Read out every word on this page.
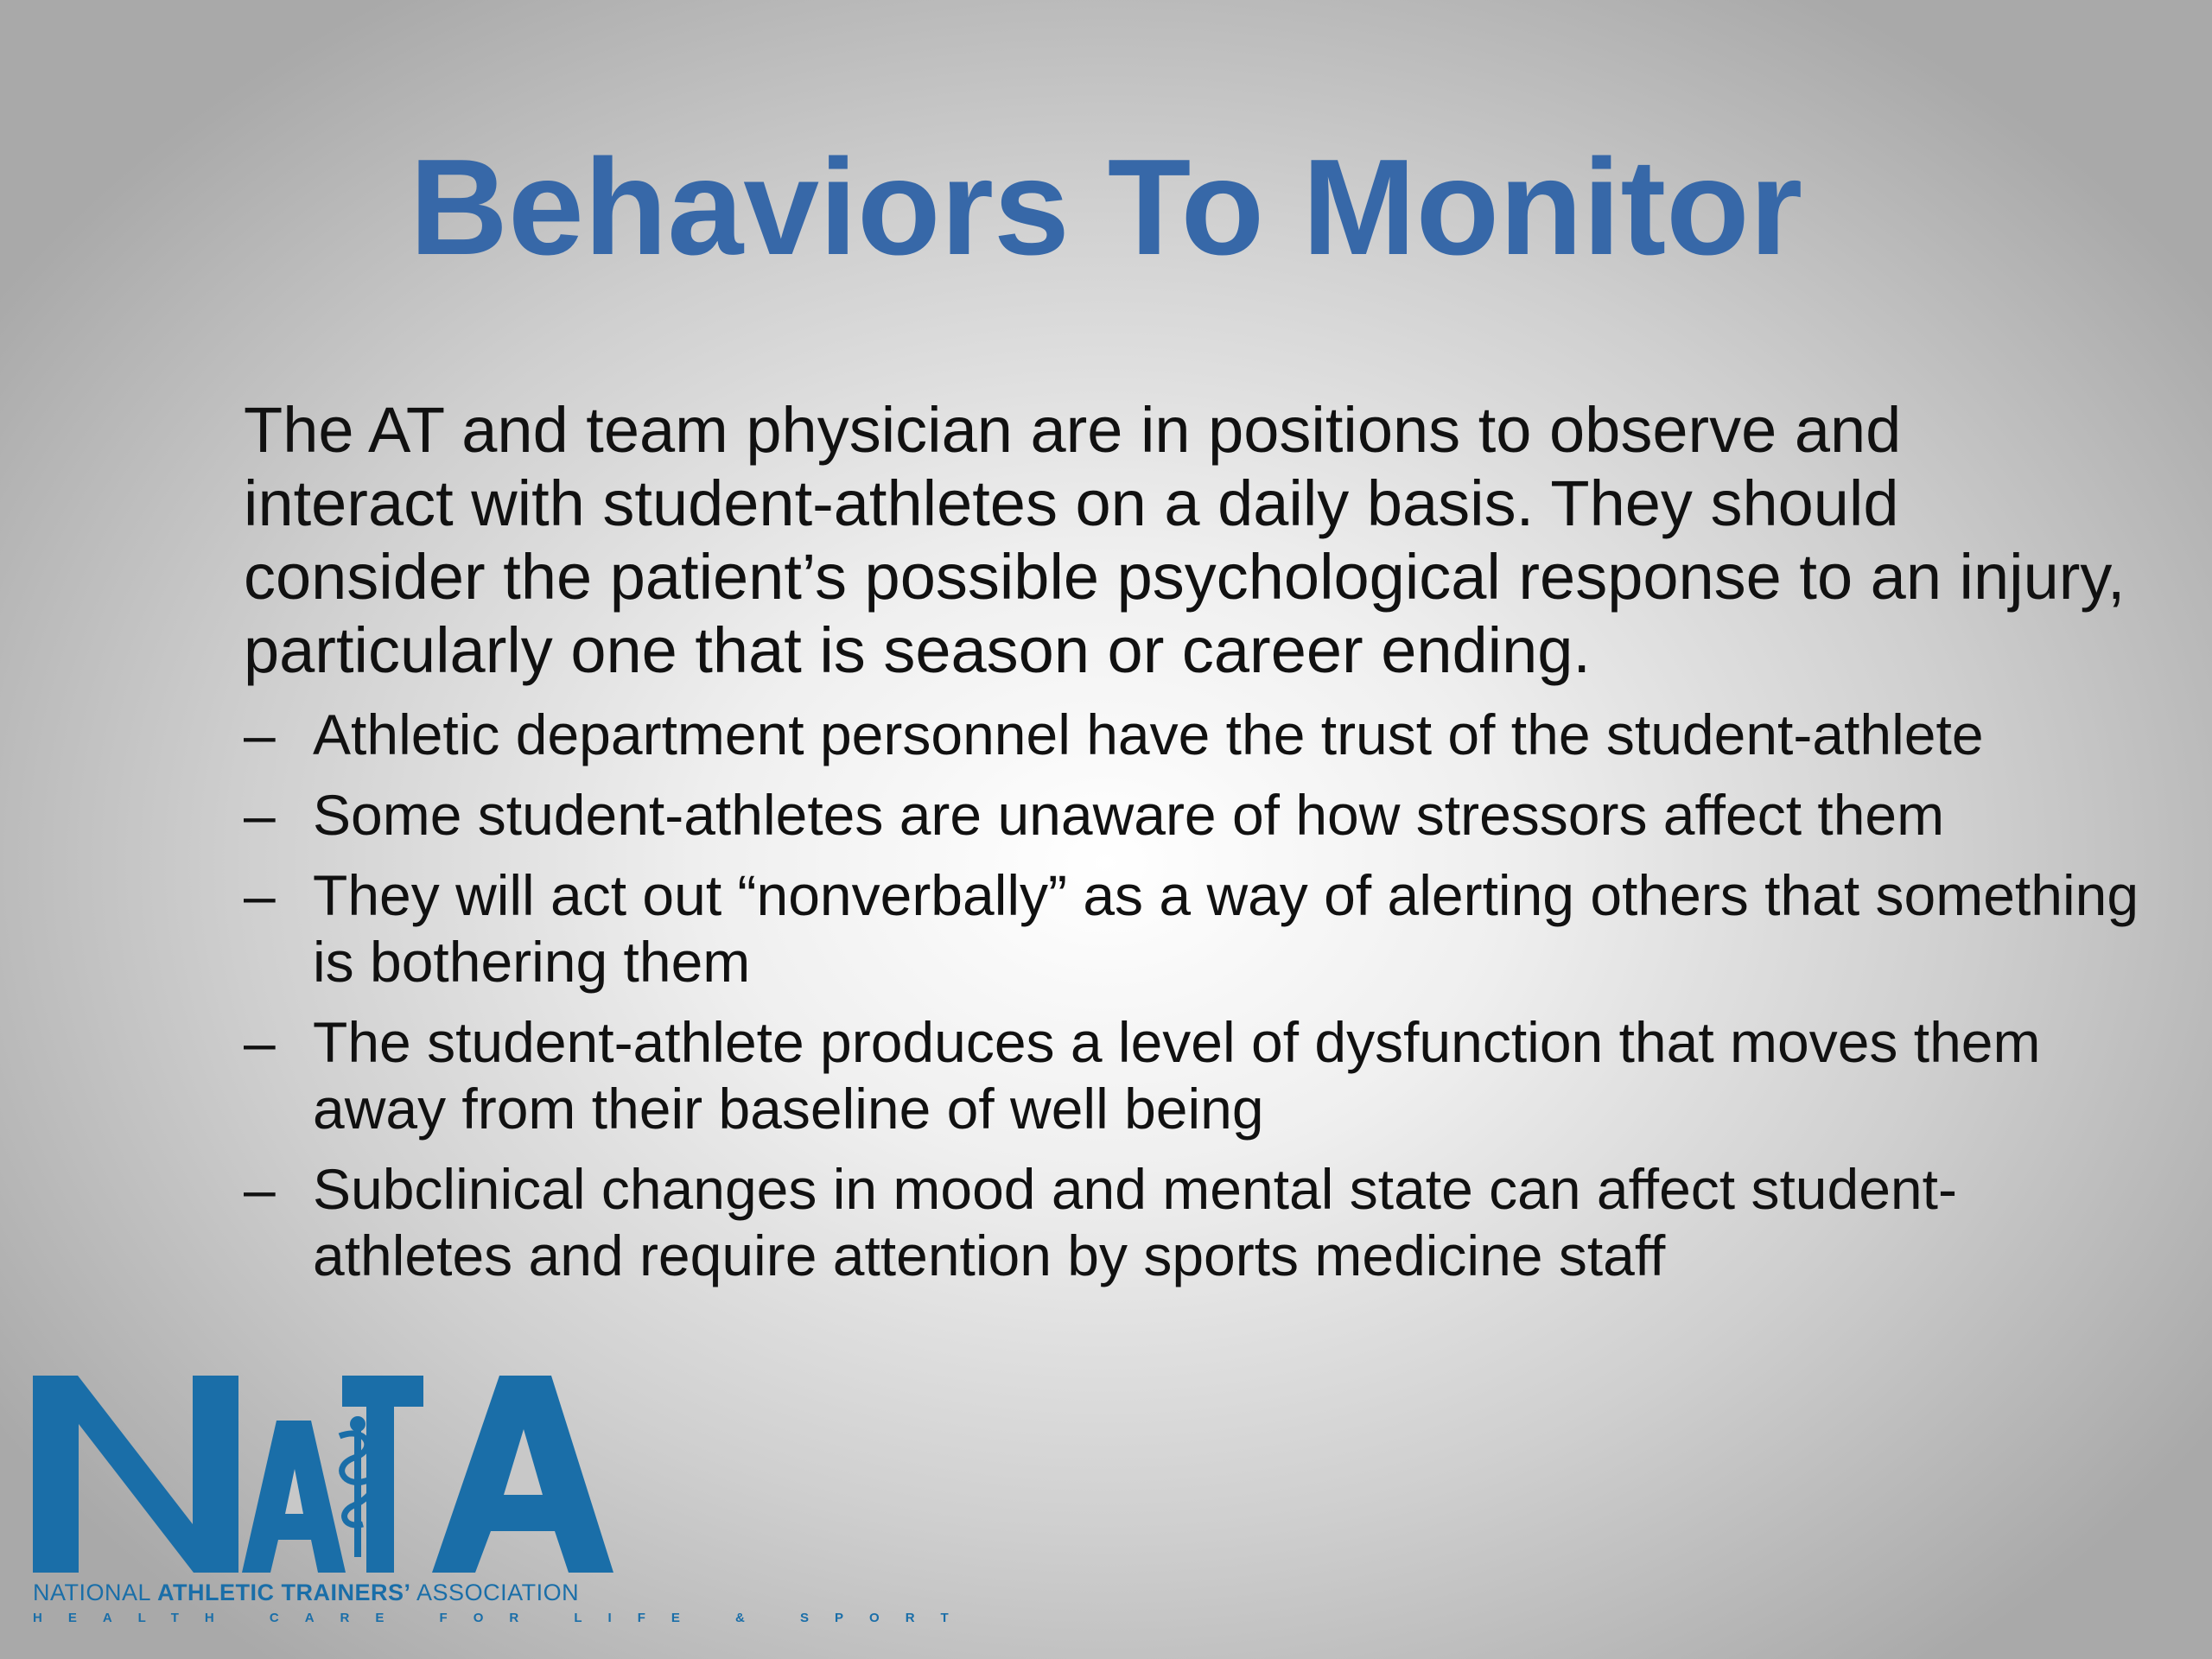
Behaviors To Monitor

The AT and team physician are in positions to observe and interact with student-athletes on a daily basis. They should consider the patient’s possible psychological response to an injury, particularly one that is season or career ending.

– Athletic department personnel have the trust of the student-athlete
– Some student-athletes are unaware of how stressors affect them
– They will act out “nonverbally” as a way of alerting others that something is bothering them
– The student-athlete produces a level of dysfunction that moves them away from their baseline of well being
– Subclinical changes in mood and mental state can affect student-athletes and require attention by sports medicine staff
NATIONAL ATHLETIC TRAINERS’ ASSOCIATION
HEALTH CARE FOR LIFE & SPORT
